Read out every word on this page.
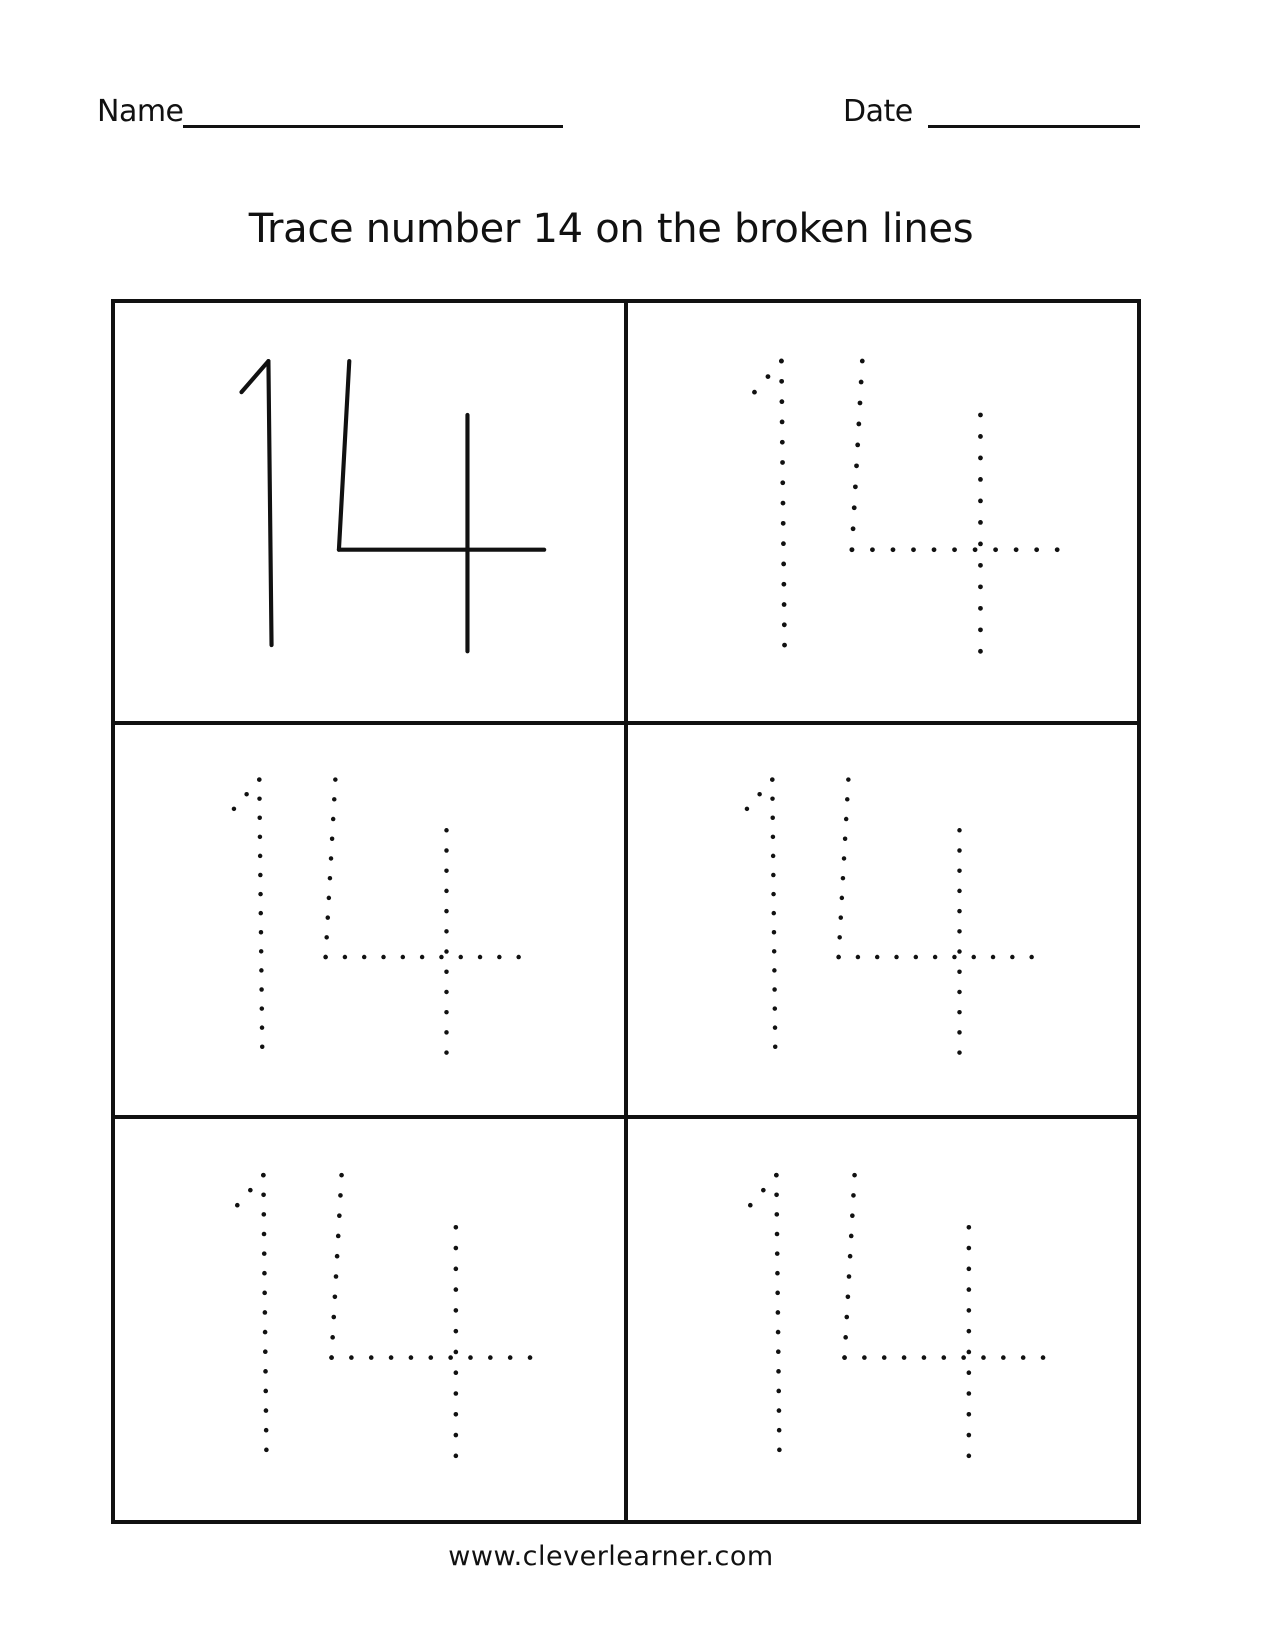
Name	Date
Trace number 14 on the broken lines
www.cleverlearner.com
